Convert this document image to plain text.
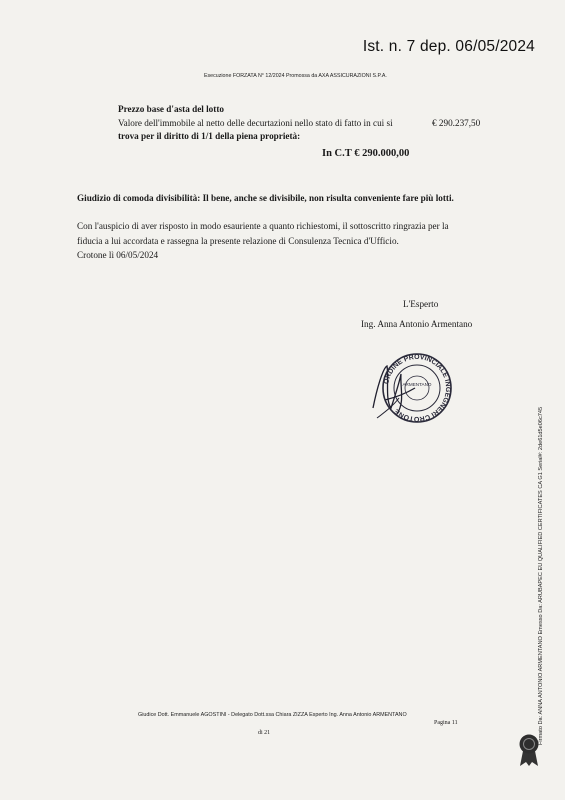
Ist. n. 7 dep. 06/05/2024
Esecuzione FORZATA N° 12/2024 Promossa da AXA ASSICURAZIONI S.P.A.
Prezzo base d'asta del lotto
Valore dell'immobile al netto delle decurtazioni nello stato di fatto in cui si	€ 290.237,50
trova per il diritto di 1/1 della piena proprietà:
In C.T € 290.000,00
Giudizio di comoda divisibilità: Il bene, anche se divisibile, non risulta conveniente fare più lotti.
Con l'auspicio di aver risposto in modo esauriente a quanto richiestomi, il sottoscritto ringrazia per la
fiducia a lui accordata e rassegna la presente relazione di Consulenza Tecnica d'Ufficio.
Crotone lì 06/05/2024
L'Esperto
Ing. Anna Antonio Armentano
ORDINE PROVINCIALE INGEGNERI CROTONE
ARMENTANO
Giudice Dott. Emmanuele AGOSTINI - Delegato Dott.ssa Chiara ZIZZA Esperto Ing. Anna Antonio ARMENTANO
Pagina 11
di 21	Firmato Da: ANNA ANTONIO ARMENTANO Emesso Da: ARUBAPEC EU QUALIFIED CERTIFICATES CA G1 Serial#: 2de61d5e06c745
